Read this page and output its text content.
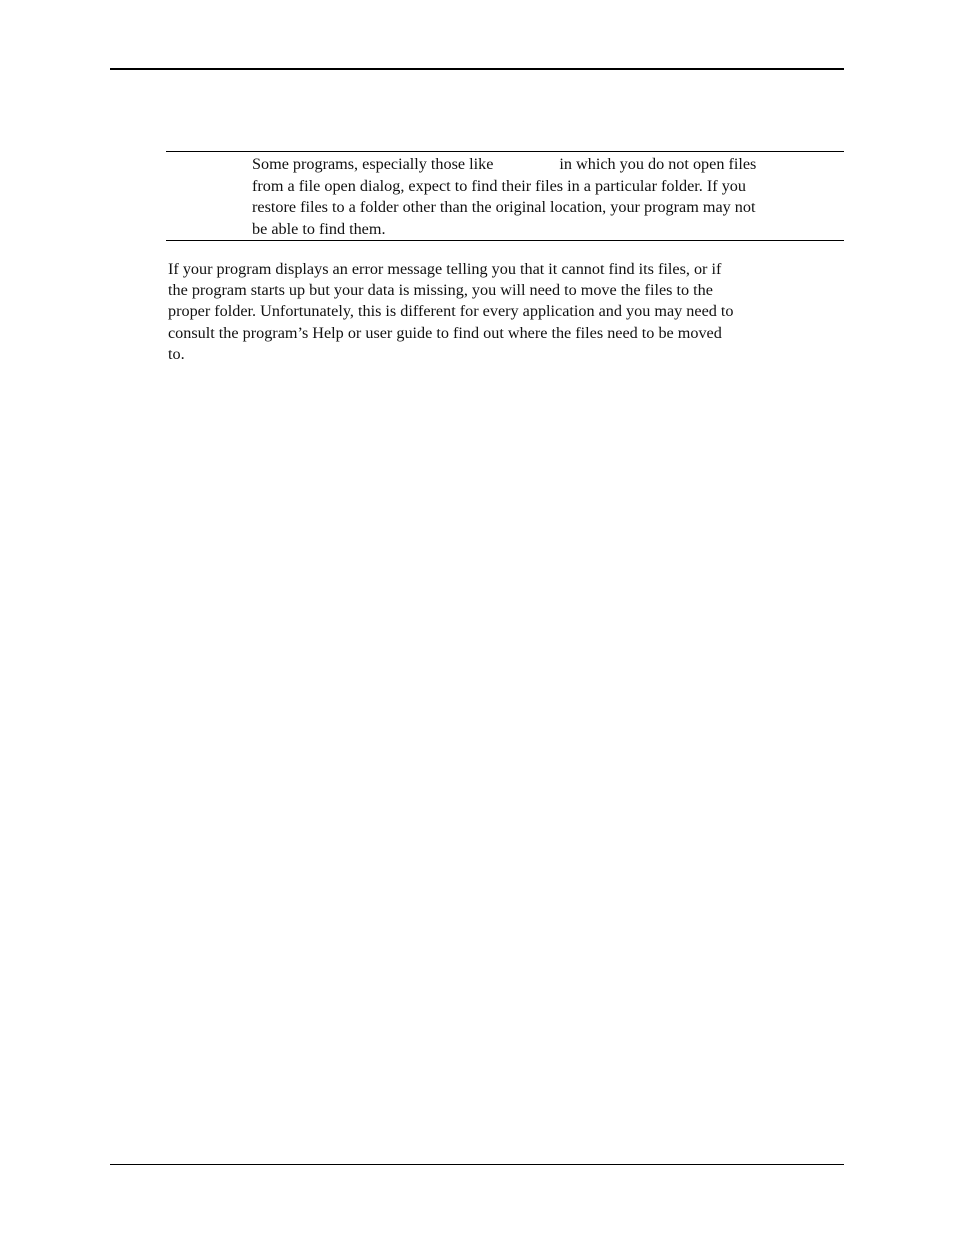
Some programs, especially those like	in which you do not open files
from a file open dialog, expect to find their files in a particular folder. If you
restore files to a folder other than the original location, your program may not
be able to find them.
If your program displays an error message telling you that it cannot find its files, or if
the program starts up but your data is missing, you will need to move the files to the
proper folder. Unfortunately, this is different for every application and you may need to
consult the program’s Help or user guide to find out where the files need to be moved
to.
